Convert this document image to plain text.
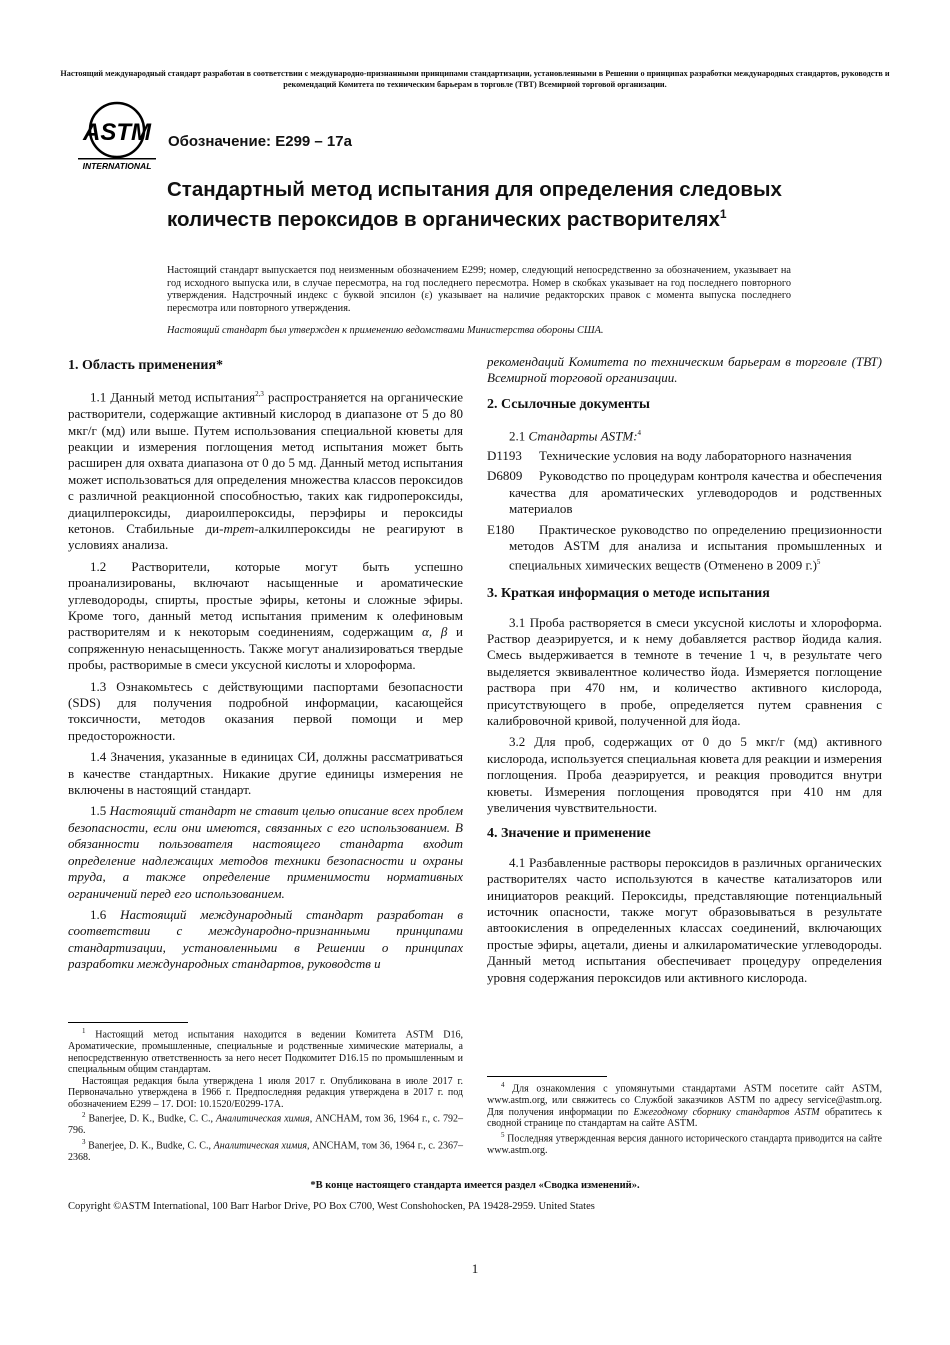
Настоящий международный стандарт разработан в соответствии с международно-признанными принципами стандартизации, установленными в Решении о принципах разработки международных стандартов, руководств и рекомендаций Комитета по техническим барьерам в торговле (ТВТ) Всемирной торговой организации.
ASTM
INTERNATIONAL
Обозначение: E299 – 17a
Стандартный метод испытания для определения следовых количеств пероксидов в органических растворителях$^1$
Настоящий стандарт выпускается под неизменным обозначением E299; номер, следующий непосредственно за обозначением, указывает на год исходного выпуска или, в случае пересмотра, на год последнего пересмотра. Номер в скобках указывает на год последнего повторного утверждения. Надстрочный индекс с буквой эпсилон (ε) указывает на наличие редакторских правок с момента выпуска последнего пересмотра или повторного утверждения.
Настоящий стандарт был утвержден к применению ведомствами Министерства обороны США.
1. Область применения*

1.1 Данный метод испытания$^{2,3}$ распространяется на органические растворители, содержащие активный кислород в диапазоне от 5 до 80 мкг/г (мд) или выше. Путем использования специальной кюветы для реакции и измерения поглощения метод испытания может быть расширен для охвата диапазона от 0 до 5 мд. Данный метод испытания может использоваться для определения множества классов пероксидов с различной реакционной способностью, таких как гидропероксиды, диацилпероксиды, диароилпероксиды, перэфиры и пероксиды кетонов. Стабильные ди-трет-алкилпероксиды не реагируют в условиях анализа.

1.2 Растворители, которые могут быть успешно проанализированы, включают насыщенные и ароматические углеводороды, спирты, простые эфиры, кетоны и сложные эфиры. Кроме того, данный метод испытания применим к олефиновым растворителям и к некоторым соединениям, содержащим α, β и сопряженную ненасыщенность. Также могут анализироваться твердые пробы, растворимые в смеси уксусной кислоты и хлороформа.

1.3 Ознакомьтесь с действующими паспортами безопасности (SDS) для получения подробной информации, касающейся токсичности, методов оказания первой помощи и мер предосторожности.

1.4 Значения, указанные в единицах СИ, должны рассматриваться в качестве стандартных. Никакие другие единицы измерения не включены в настоящий стандарт.

1.5 Настоящий стандарт не ставит целью описание всех проблем безопасности, если они имеются, связанных с его использованием. В обязанности пользователя настоящего стандарта входит определение надлежащих методов техники безопасности и охраны труда, а также определение применимости нормативных ограничений перед его использованием.

1.6 Настоящий международный стандарт разработан в соответствии с международно-признанными принципами стандартизации, установленными в Решении о принципах разработки международных стандартов, руководств и

$^1$ Настоящий метод испытания находится в ведении Комитета ASTM D16, Ароматические, промышленные, специальные и родственные химические материалы, а непосредственную ответственность за него несет Подкомитет D16.15 по промышленным и специальным общим стандартам.

Настоящая редакция была утверждена 1 июля 2017 г. Опубликована в июле 2017 г. Первоначально утверждена в 1966 г. Предпоследняя редакция утверждена в 2017 г. под обозначением E299 – 17. DOI: 10.1520/E0299-17A.

$^2$ Banerjee, D. K., Budke, C. C., Аналитическая химия, ANCHAM, том 36, 1964 г., с. 792–796.

$^3$ Banerjee, D. K., Budke, C. C., Аналитическая химия, ANCHAM, том 36, 1964 г., с. 2367–2368.

рекомендаций Комитета по техническим барьерам в торговле (ТВТ) Всемирной торговой организации.
2. Ссылочные документы
2.1 Стандарты ASTM:$^4$
D1193 Технические условия на воду лабораторного назначения
D6809 Руководство по процедурам контроля качества и обеспечения качества для ароматических углеводородов и родственных материалов
E180 Практическое руководство по определению прецизионности методов ASTM для анализа и испытания промышленных и специальных химических веществ (Отменено в 2009 г.)$^5$
3. Краткая информация о методе испытания

3.1 Проба растворяется в смеси уксусной кислоты и хлороформа. Раствор деаэрируется, и к нему добавляется раствор йодида калия. Смесь выдерживается в темноте в течение 1 ч, в результате чего выделяется эквивалентное количество йода. Измеряется поглощение раствора при 470 нм, и количество активного кислорода, присутствующего в пробе, определяется путем сравнения с калибровочной кривой, полученной для йода.

3.2 Для проб, содержащих от 0 до 5 мкг/г (мд) активного кислорода, используется специальная кювета для реакции и измерения поглощения. Проба деаэрируется, и реакция проводится внутри кюветы. Измерения поглощения проводятся при 410 нм для увеличения чувствительности.

4. Значение и применение

4.1 Разбавленные растворы пероксидов в различных органических растворителях часто используются в качестве катализаторов или инициаторов реакций. Пероксиды, представляющие потенциальный источник опасности, также могут образовываться в результате автоокисления в определенных классах соединений, включающих простые эфиры, ацетали, диены и алкилароматические углеводороды. Данный метод испытания обеспечивает процедуру определения уровня содержания пероксидов или активного кислорода.

$^4$ Для ознакомления с упомянутыми стандартами ASTM посетите сайт ASTM, www.astm.org, или свяжитесь со Службой заказчиков ASTM по адресу service@astm.org. Для получения информации по Ежегодному сборнику стандартов ASTM обратитесь к сводной странице по стандартам на сайте ASTM.

$^5$ Последняя утвержденная версия данного исторического стандарта приводится на сайте www.astm.org.

*В конце настоящего стандарта имеется раздел «Сводка изменений».
Copyright ©ASTM International, 100 Barr Harbor Drive, PO Box C700, West Conshohocken, PA 19428-2959. United States
1
